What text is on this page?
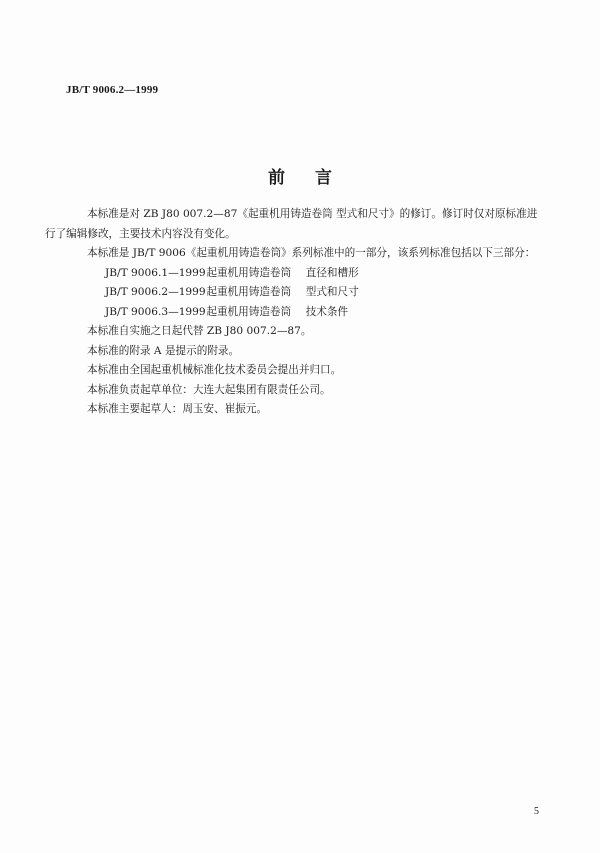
JB/T 9006.2—1999
前 言

本标准是对 ZB J80 007.2—87《起重机用铸造卷筒 型式和尺寸》的修订。修订时仅对原标准进
行了编辑修改，主要技术内容没有变化。

本标准是 JB/T 9006《起重机用铸造卷筒》系列标准中的一部分，该系列标准包括以下三部分：

JB/T 9006.1—1999 起重机用铸造卷筒 直径和槽形
JB/T 9006.2—1999 起重机用铸造卷筒 型式和尺寸
JB/T 9006.3—1999 起重机用铸造卷筒 技术条件

本标准自实施之日起代替 ZB J80 007.2—87。

本标准的附录 A 是提示的附录。

本标准由全国起重机械标准化技术委员会提出并归口。

本标准负责起草单位：大连大起集团有限责任公司。

本标准主要起草人：周玉安、崔振元。

5
